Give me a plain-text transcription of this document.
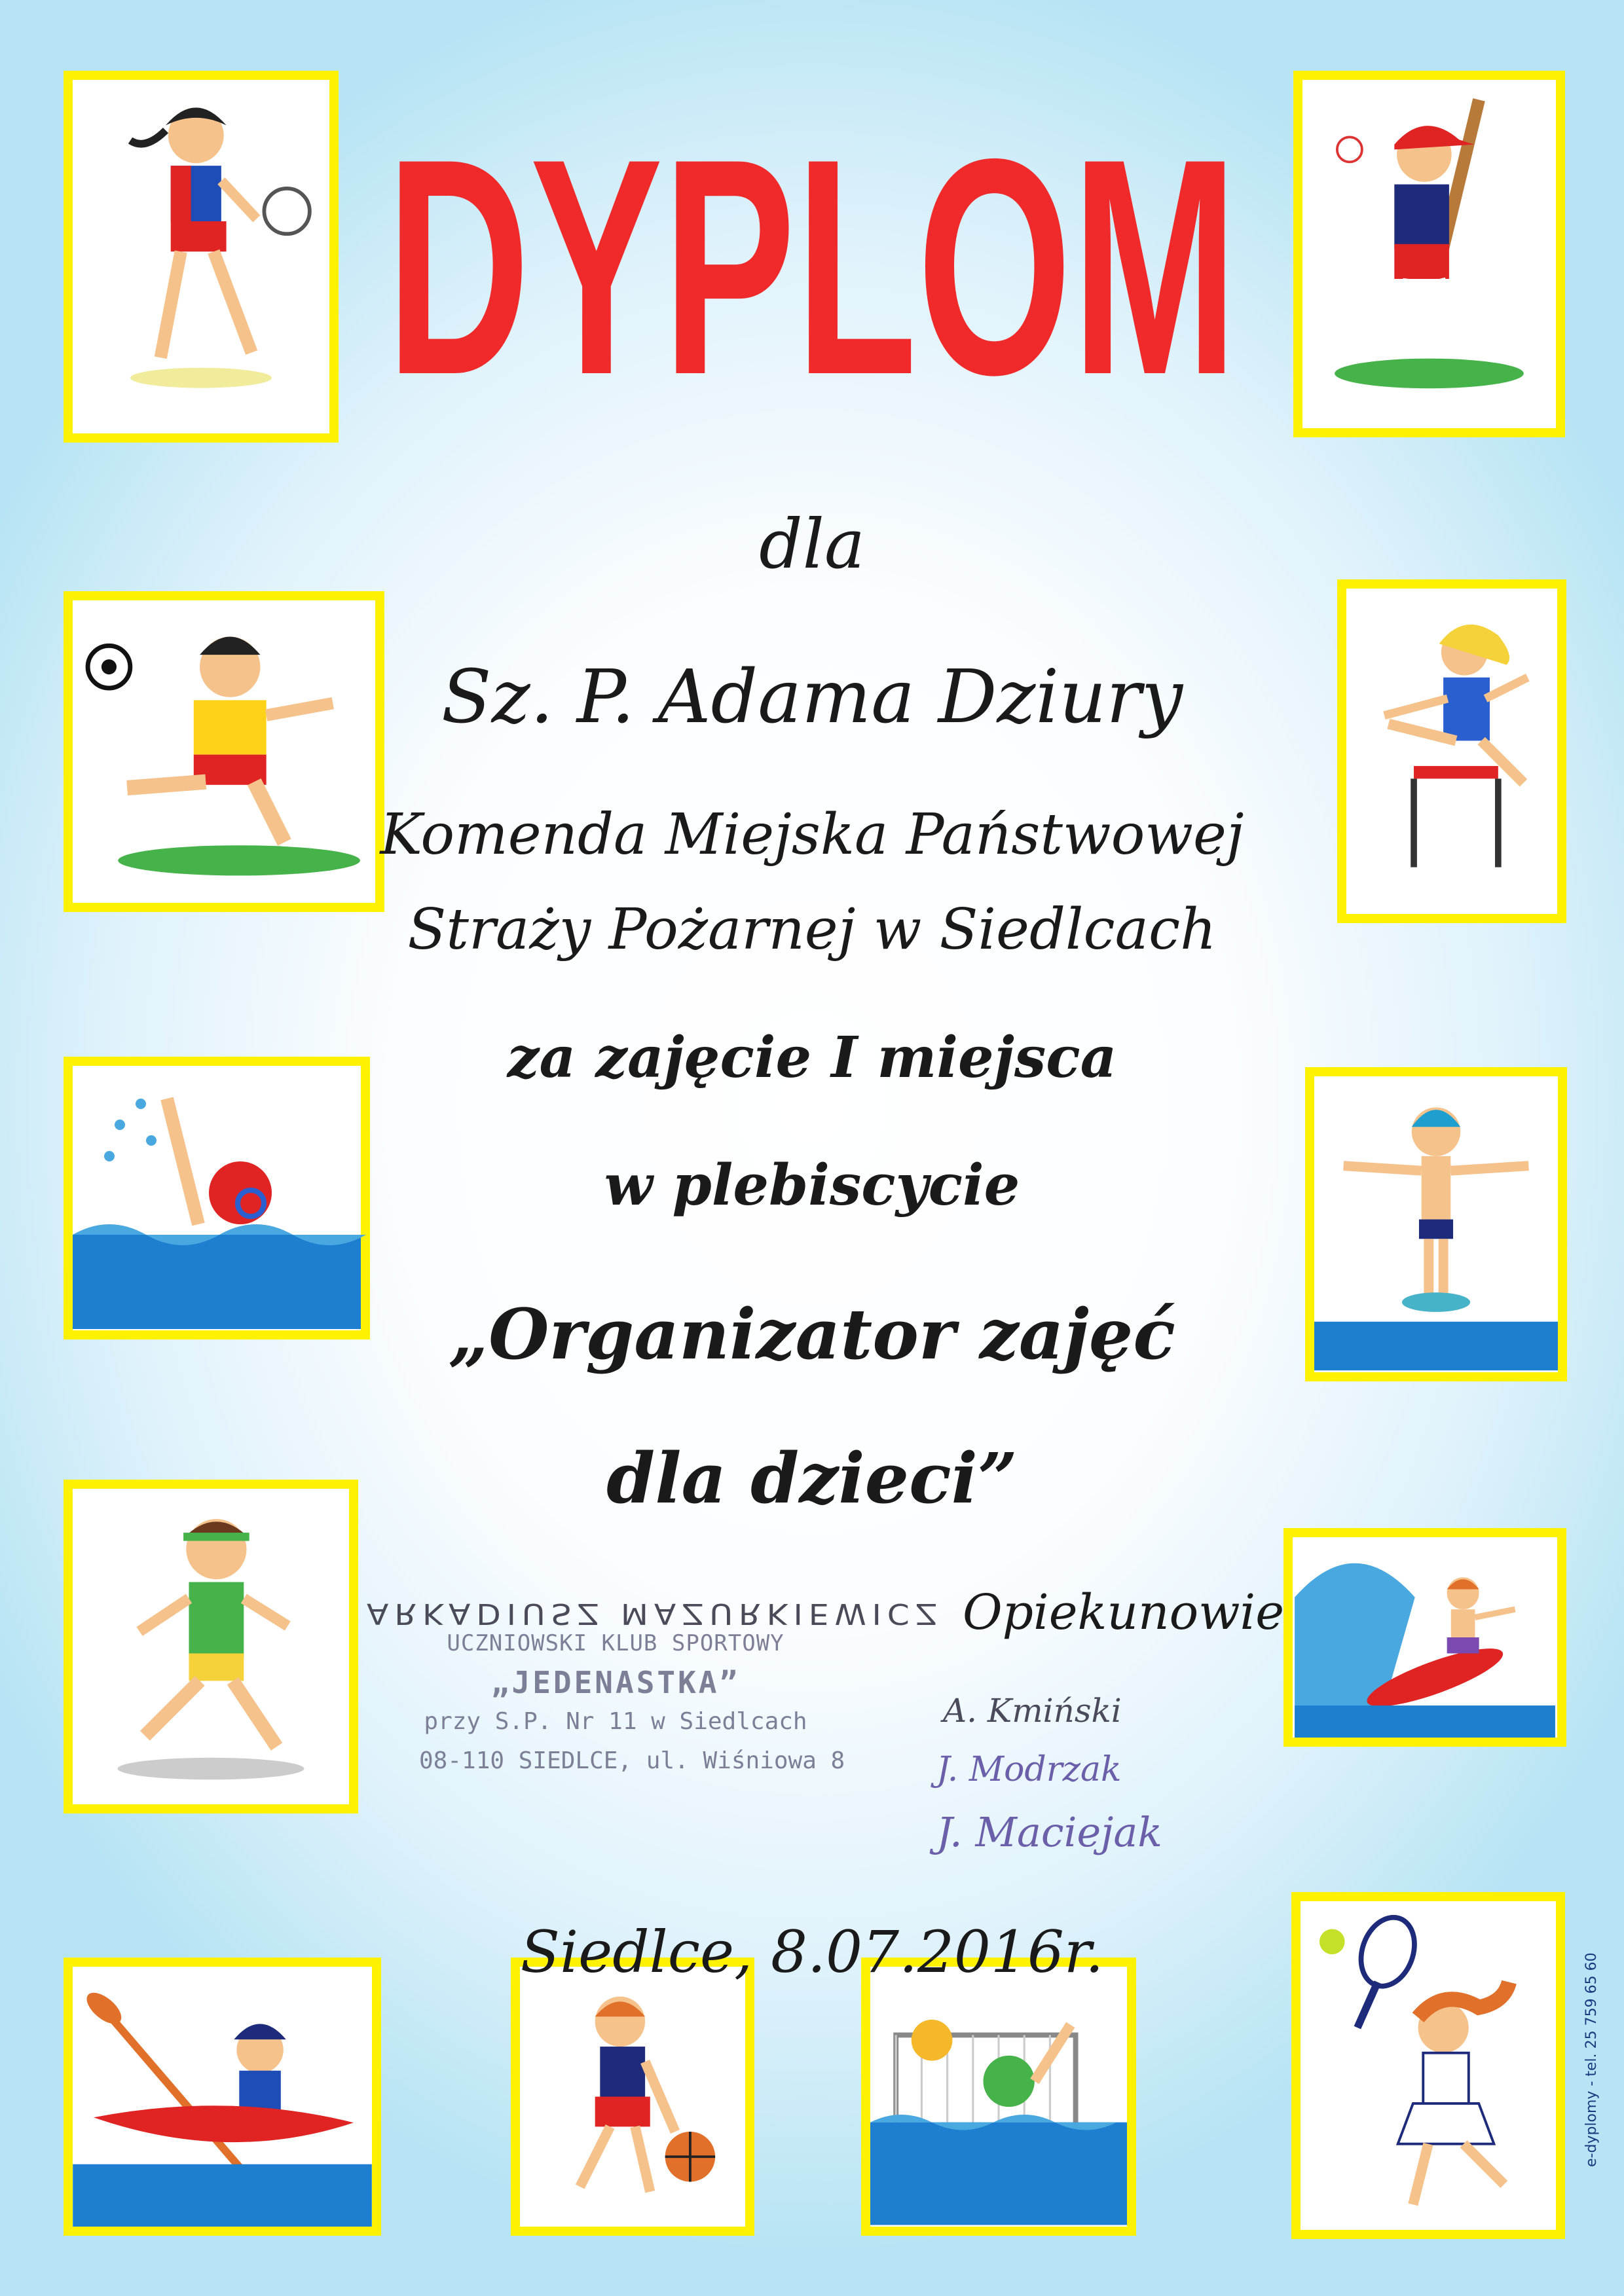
DYPLOM
dla
Sz. P. Adama Dziury
Komenda Miejska Państwowej
Straży Pożarnej w Siedlcach
za zajęcie I miejsca
w plebiscycie
„Organizator zajęć
dla dzieci”
ARKADIUSZ MAZURKIEWICZ Opiekunowie
UCZNIOWSKI KLUB SPORTOWY
„JEDENASTKA”
przy S.P. Nr 11 w Siedlcach
08-110 SIEDLCE, ul. Wiśniowa 8
A. Kmiński
J. Modrzak
J. Maciejak
Siedlce, 8.07.2016r.
e-dyplomy - tel. 25 759 65 60
